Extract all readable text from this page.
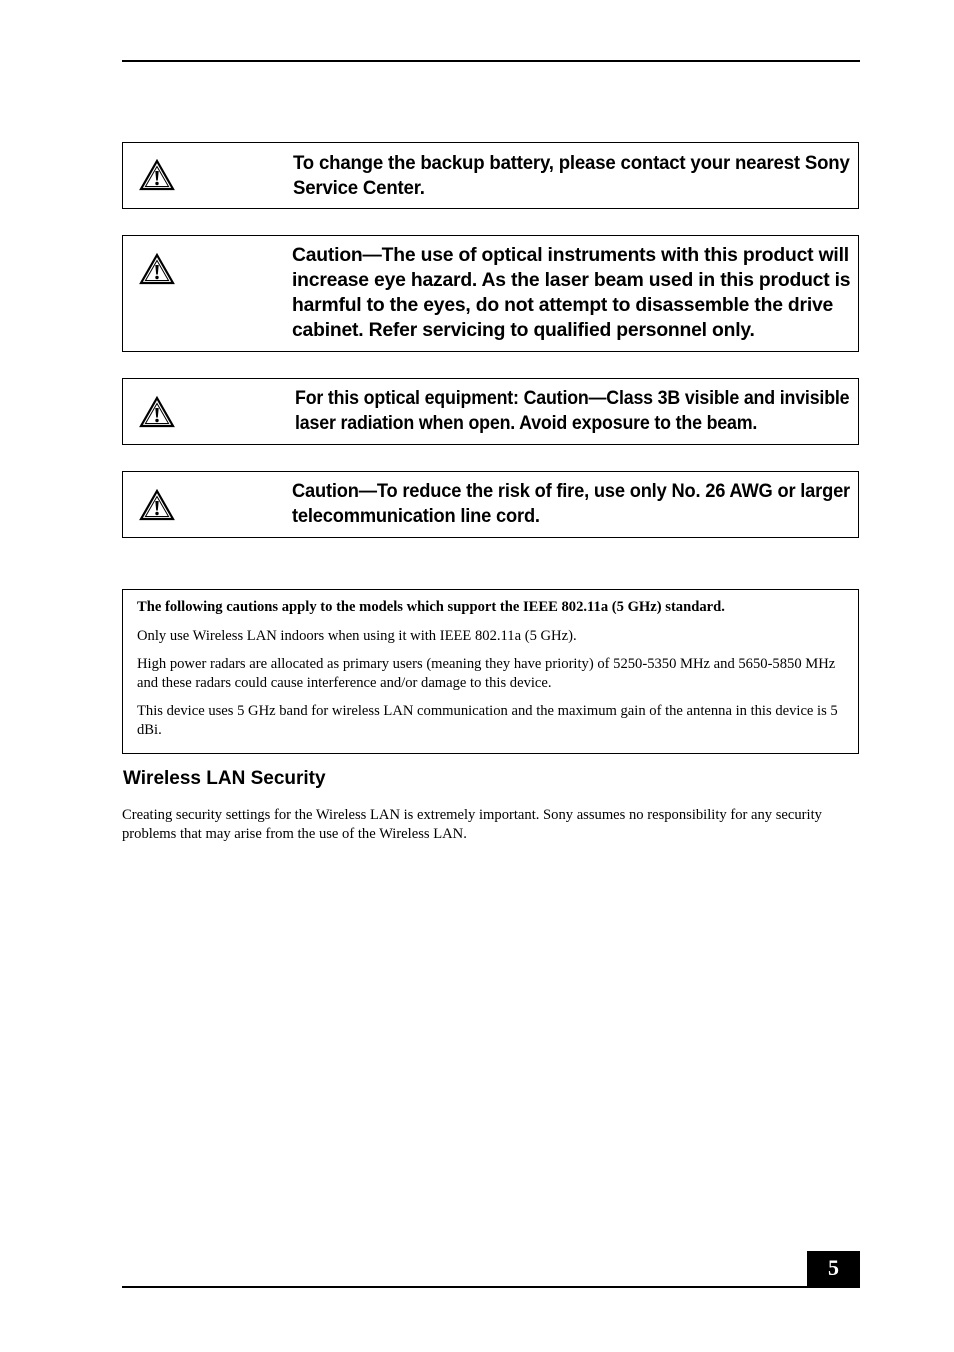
To change the backup battery, please contact your nearest Sony
Service Center.
Caution—The use of optical instruments with this product will
increase eye hazard. As the laser beam used in this product is
harmful to the eyes, do not attempt to disassemble the drive
cabinet. Refer servicing to qualified personnel only.
For this optical equipment: Caution—Class 3B visible and invisible
laser radiation when open. Avoid exposure to the beam.
Caution—To reduce the risk of fire, use only No. 26 AWG or larger
telecommunication line cord.

The following cautions apply to the models which support the IEEE 802.11a (5 GHz) standard.

Only use Wireless LAN indoors when using it with IEEE 802.11a (5 GHz).

High power radars are allocated as primary users (meaning they have priority) of 5250-5350 MHz and 5650-5850 MHz and these radars could cause interference and/or damage to this device.

This device uses 5 GHz band for wireless LAN communication and the maximum gain of the antenna in this device is 5 dBi.

Wireless LAN Security
Creating security settings for the Wireless LAN is extremely important. Sony assumes no responsibility for any security problems that may arise from the use of the Wireless LAN.
5
